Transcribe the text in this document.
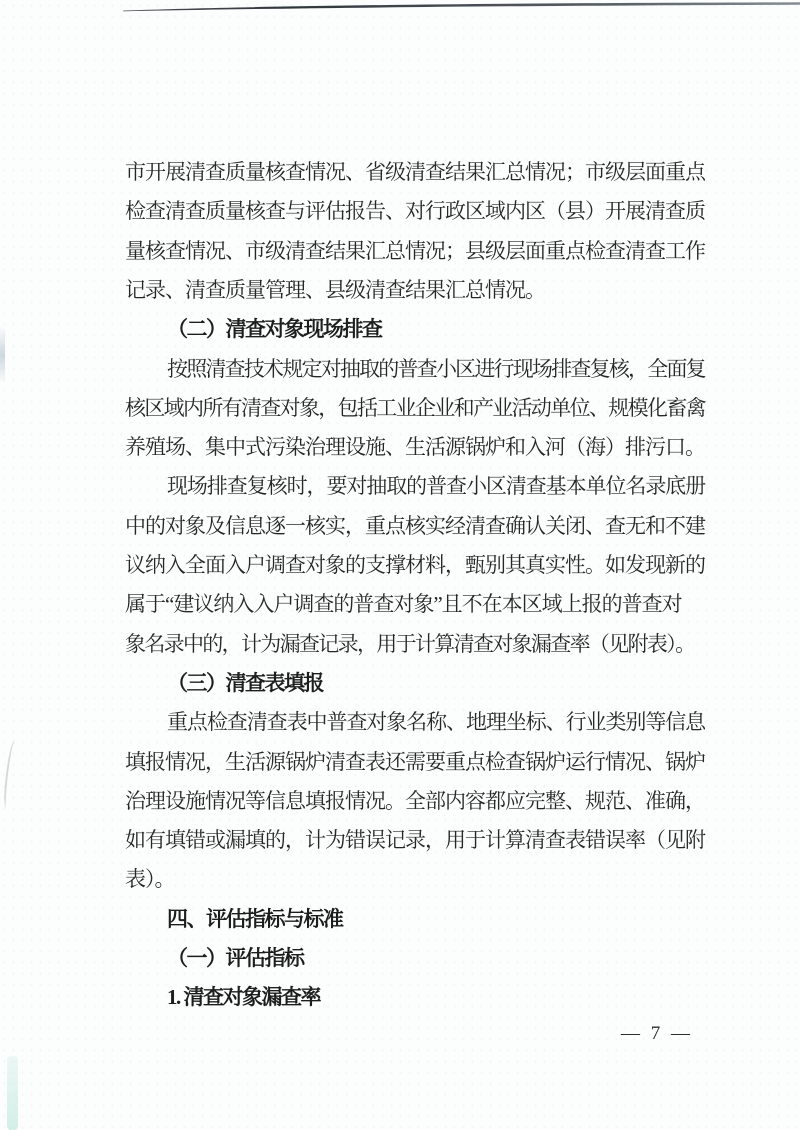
市开展清查质量核查情况、省级清查结果汇总情况；市级层面重点
检查清查质量核查与评估报告、对行政区域内区（县）开展清查质
量核查情况、市级清查结果汇总情况；县级层面重点检查清查工作
记录、清查质量管理、县级清查结果汇总情况。
（二）清查对象现场排查
按照清查技术规定对抽取的普查小区进行现场排查复核，全面复
核区域内所有清查对象，包括工业企业和产业活动单位、规模化畜禽
养殖场、集中式污染治理设施、生活源锅炉和入河（海）排污口。
现场排查复核时，要对抽取的普查小区清查基本单位名录底册
中的对象及信息逐一核实，重点核实经清查确认关闭、查无和不建
议纳入全面入户调查对象的支撑材料，甄别其真实性。如发现新的
属于“建议纳入入户调查的普查对象”且不在本区域上报的普查对
象名录中的，计为漏查记录，用于计算清查对象漏查率（见附表）。
（三）清查表填报
重点检查清查表中普查对象名称、地理坐标、行业类别等信息
填报情况，生活源锅炉清查表还需要重点检查锅炉运行情况、锅炉
治理设施情况等信息填报情况。全部内容都应完整、规范、准确，
如有填错或漏填的，计为错误记录，用于计算清查表错误率（见附
表）。
四、评估指标与标准
（一）评估指标
1. 清查对象漏查率
— 7 —
